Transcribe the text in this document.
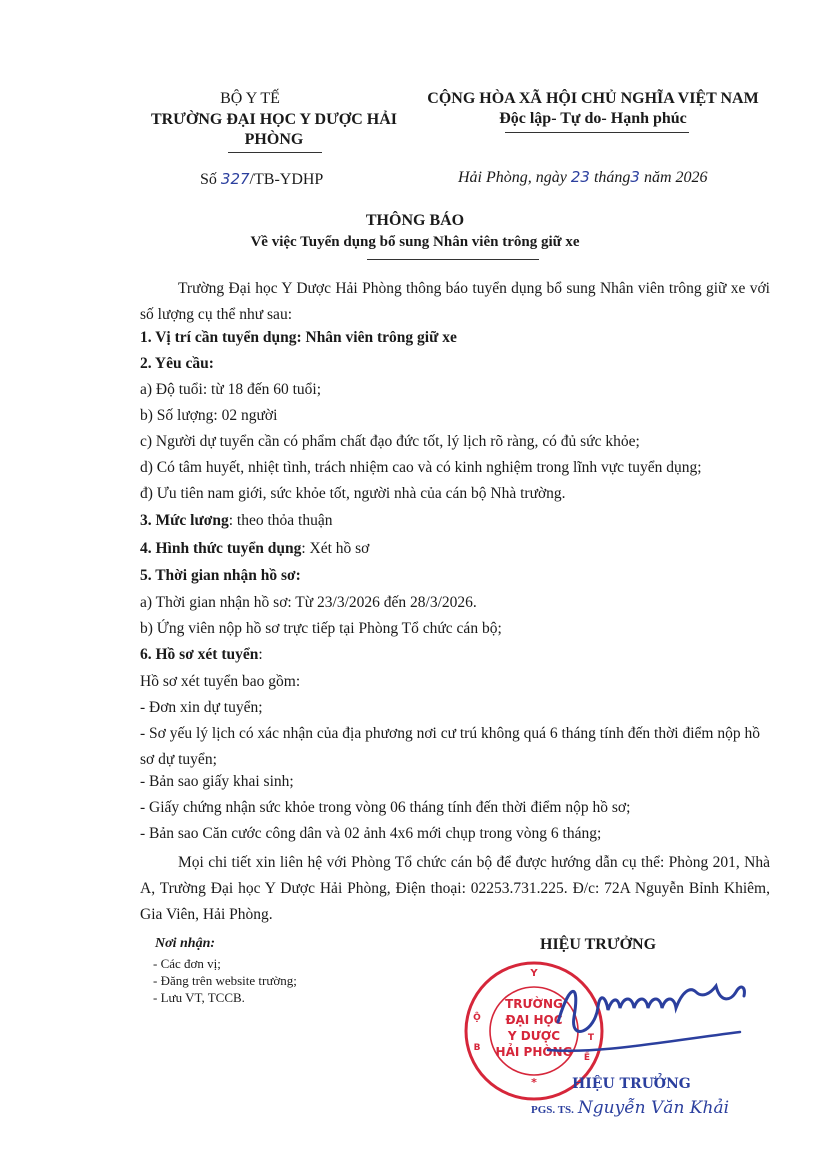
BỘ Y TẾ
TRƯỜNG ĐẠI HỌC Y DƯỢC HẢI PHÒNG
CỘNG HÒA XÃ HỘI CHỦ NGHĨA VIỆT NAM
Độc lập- Tự do- Hạnh phúc
Số 327/TB-YDHP	Hải Phòng, ngày 23 tháng3 năm 2026
THÔNG BÁO
Về việc Tuyển dụng bổ sung Nhân viên trông giữ xe
Trường Đại học Y Dược Hải Phòng thông báo tuyển dụng bổ sung Nhân viên trông giữ xe với số lượng cụ thể như sau:
1. Vị trí cần tuyển dụng: Nhân viên trông giữ xe
2. Yêu cầu:
a) Độ tuổi: từ 18 đến 60 tuổi;
b) Số lượng: 02 người
c) Người dự tuyển cần có phẩm chất đạo đức tốt, lý lịch rõ ràng, có đủ sức khỏe;
d) Có tâm huyết, nhiệt tình, trách nhiệm cao và có kinh nghiệm trong lĩnh vực tuyển dụng;
đ) Ưu tiên nam giới, sức khỏe tốt, người nhà của cán bộ Nhà trường.
3. Mức lương: theo thỏa thuận
4. Hình thức tuyển dụng: Xét hồ sơ
5. Thời gian nhận hồ sơ:
a) Thời gian nhận hồ sơ: Từ 23/3/2026 đến 28/3/2026.
b) Ứng viên nộp hồ sơ trực tiếp tại Phòng Tổ chức cán bộ;
6. Hồ sơ xét tuyển:
Hồ sơ xét tuyển bao gồm:
- Đơn xin dự tuyển;
- Sơ yếu lý lịch có xác nhận của địa phương nơi cư trú không quá 6 tháng tính đến thời điểm nộp hồ sơ dự tuyển;
- Bản sao giấy khai sinh;
- Giấy chứng nhận sức khỏe trong vòng 06 tháng tính đến thời điểm nộp hồ sơ;
- Bản sao Căn cước công dân và 02 ảnh 4x6 mới chụp trong vòng 6 tháng;
Mọi chi tiết xin liên hệ với Phòng Tổ chức cán bộ để được hướng dẫn cụ thể: Phòng 201, Nhà A, Trường Đại học Y Dược Hải Phòng, Điện thoại: 02253.731.225. Đ/c: 72A Nguyễn Bỉnh Khiêm, Gia Viên, Hải Phòng.
Nơi nhận:
- Các đơn vị;
- Đăng trên website trường;
- Lưu VT, TCCB.
HIỆU TRƯỞNG
Y
Ộ
B
T
Ế
*
TRƯỜNG
ĐẠI HỌC
Y DƯỢC
HẢI PHÒNG
HIỆU TRƯỞNG
PGS. TS. Nguyễn Văn Khải
